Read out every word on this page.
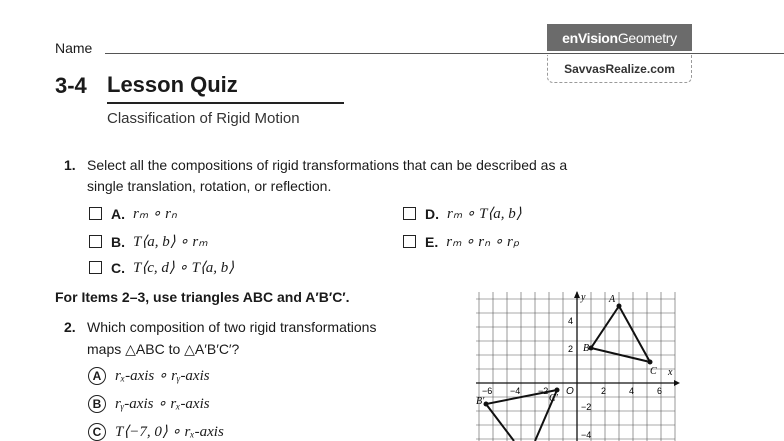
Name
enVision Geometry
SavvasRealize.com
3-4 Lesson Quiz
Classification of Rigid Motion
1. Select all the compositions of rigid transformations that can be described as a
single translation, rotation, or reflection.
A. rₘ ∘ rₙ
B. T⟨a, b⟩ ∘ rₘ
C. T⟨c, d⟩ ∘ T⟨a, b⟩
D. rₘ ∘ T⟨a, b⟩
E. rₘ ∘ rₙ ∘ rₚ
For Items 2–3, use triangles ABC and A′B′C′.
2. Which composition of two rigid transformations
maps △ABC to △A′B′C′?
A rₓ-axis ∘ rᵧ-axis
B rᵧ-axis ∘ rₓ-axis
C T⟨−7, 0⟩ ∘ rₓ-axis
x
y
O
−6 −4 −2	2	4	6
4
2
−2
−4
A
B
C
B′	C′
